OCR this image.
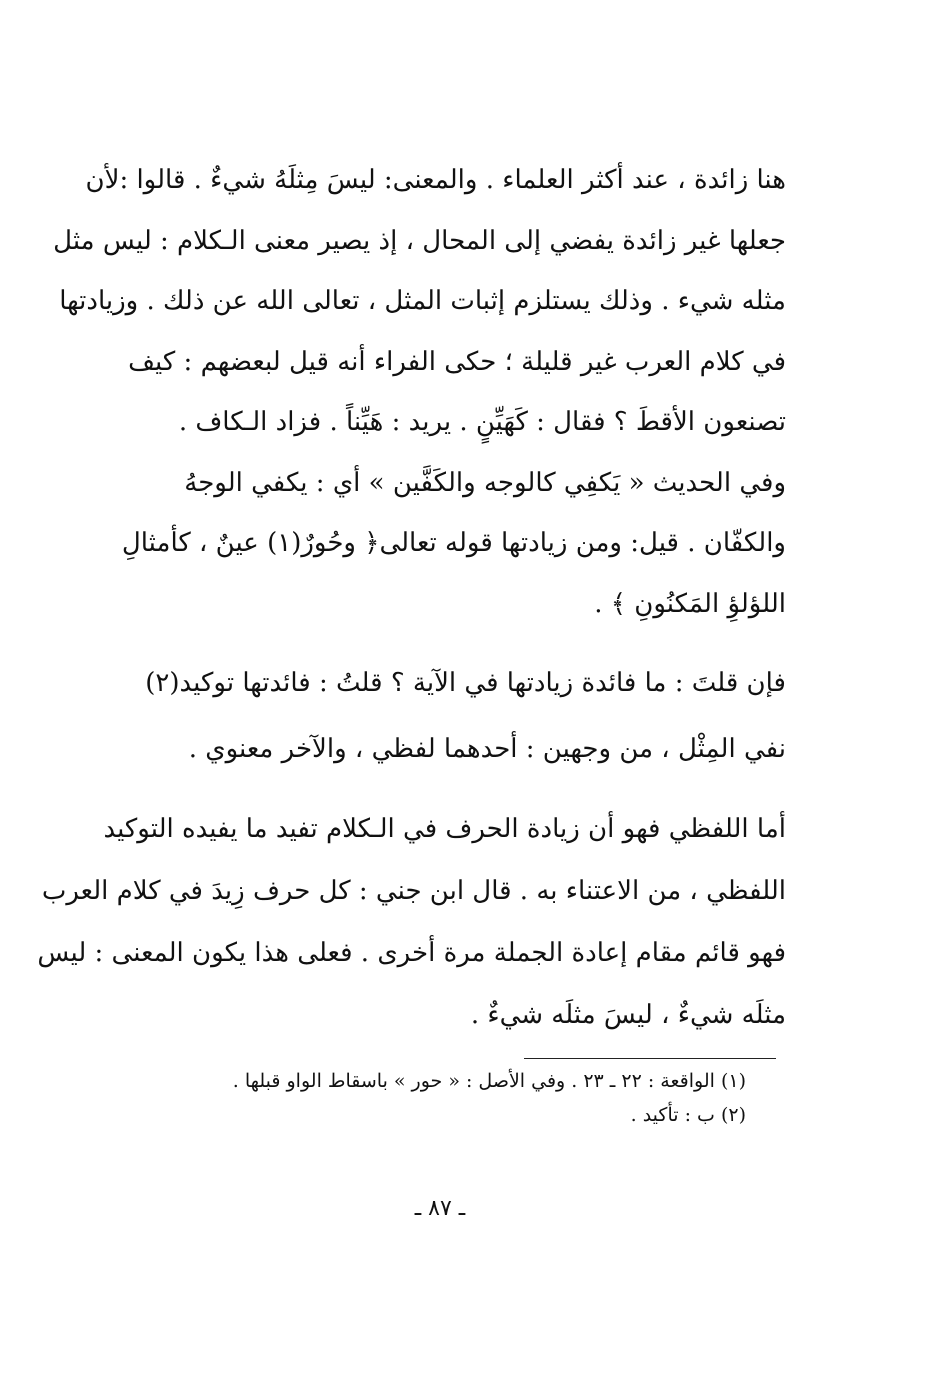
هنا زائدة ، عند أكثر العلماء . والمعنى: ليسَ مِثلَهُ شيءٌ . قالوا :لأن
جعلها غير زائدة يفضي إلى المحال ، إذ يصير معنى الـكلام : ليس مثل
مثله شيء . وذلك يستلزم إثبات المثل ، تعالى الله عن ذلك . وزيادتها
في كلام العرب غير قليلة ؛ حكى الفراء أنه قيل لبعضهم : كيف
تصنعون الأقطَ ؟ فقال : كَهَيِّنٍ . يريد : هَيِّناً . فزاد الـكاف .
وفي الحديث « يَكفِي كالوجه والكَفَّين » أي : يكفي الوجهُ
والكفّان . قيل: ومن زيادتها قوله تعالى﴿ وحُورٌ(١) عينٌ ، كأمثالِ
اللؤلؤِ المَكنُونِ ﴾ .
فإن قلتَ : ما فائدة زيادتها في الآية ؟ قلتُ : فائدتها توكيد(٢)
نفي المِثْل ، من وجهين : أحدهما لفظي ، والآخر معنوي .
أما اللفظي فهو أن زيادة الحرف في الـكلام تفيد ما يفيده التوكيد
اللفظي ، من الاعتناء به . قال ابن جني : كل حرف زِيدَ في كلام العرب
فهو قائم مقام إعادة الجملة مرة أخرى . فعلى هذا يكون المعنى : ليس
مثلَه شيءٌ ، ليسَ مثلَه شيءٌ .
(١) الواقعة : ٢٢ ـ ٢٣ . وفي الأصل : « حور » باسقاط الواو قبلها .
(٢) ب : تأكيد .
ـ ٨٧ ـ
